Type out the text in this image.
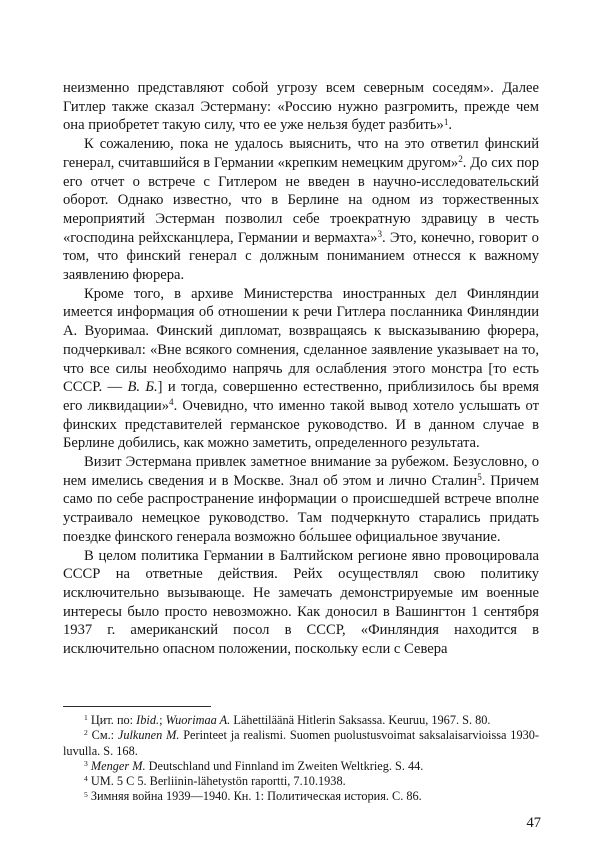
неизменно представляют собой угрозу всем северным соседям». Далее Гитлер также сказал Эстерману: «Россию нужно разгромить, прежде чем она приобретет такую силу, что ее уже нельзя будет разбить»$^1$.

К сожалению, пока не удалось выяснить, что на это ответил финский генерал, считавшийся в Германии «крепким немецким другом»$^2$. До сих пор его отчет о встрече с Гитлером не введен в научно-исследовательский оборот. Однако известно, что в Берлине на одном из торжественных мероприятий Эстерман позволил себе троекратную здравицу в честь «господина рейхсканцлера, Германии и вермахта»$^3$. Это, конечно, говорит о том, что финский генерал с должным пониманием отнесся к важному заявлению фюрера.

Кроме того, в архиве Министерства иностранных дел Финляндии имеется информация об отношении к речи Гитлера посланника Финляндии А. Вуоримаа. Финский дипломат, возвращаясь к высказыванию фюрера, подчеркивал: «Вне всякого сомнения, сделанное заявление указывает на то, что все силы необходимо напрячь для ослабления этого монстра [то есть СССР. — В. Б.] и тогда, совершенно естественно, приблизилось бы время его ликвидации»$^4$. Очевидно, что именно такой вывод хотело услышать от финских представителей германское руководство. И в данном случае в Берлине добились, как можно заметить, определенного результата.

Визит Эстермана привлек заметное внимание за рубежом. Безусловно, о нем имелись сведения и в Москве. Знал об этом и лично Сталин$^5$. Причем само по себе распространение информации о происшедшей встрече вполне устраивало немецкое руководство. Там подчеркнуто старались придать поездке финского генерала возможно бо́льшее официальное звучание.

В целом политика Германии в Балтийском регионе явно провоцировала СССР на ответные действия. Рейх осуществлял свою политику исключительно вызывающе. Не замечать демонстрируемые им военные интересы было просто невозможно. Как доносил в Вашингтон 1 сентября 1937 г. американский посол в СССР, «Финляндия находится в исключительно опасном положении, поскольку если с Севера

$^1$ Цит. по: Ibid.; Wuorimaa A. Lähettiläänä Hitlerin Saksassa. Keuruu, 1967. S. 80.

$^2$ См.: Julkunen M. Perinteet ja realismi. Suomen puolustusvoimat saksalaisarvioissa 1930-luvulla. S. 168.

$^3$ Menger M. Deutschland und Finnland im Zweiten Weltkrieg. S. 44.

$^4$ UM. 5 C 5. Berliinin-lähetystön raportti, 7.10.1938.

$^5$ Зимняя война 1939—1940. Кн. 1: Политическая история. С. 86.

47
